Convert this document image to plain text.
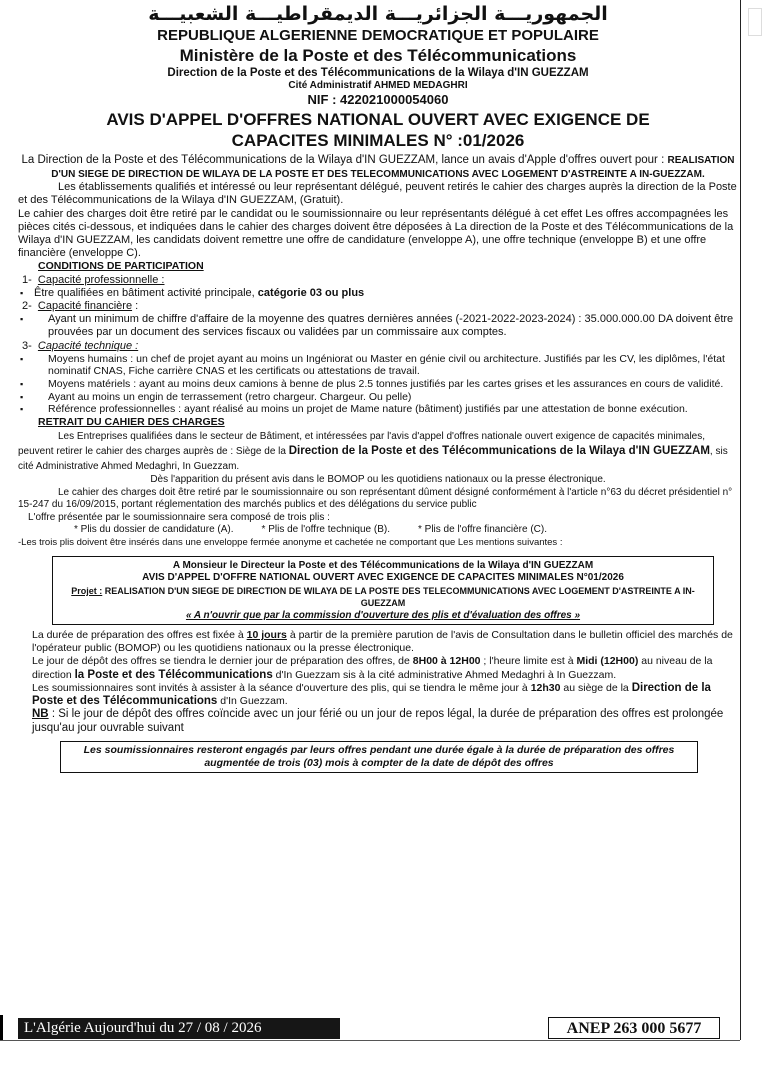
الجمهوريـــة الجزائريـــة الديمقراطيـــة الشعبيـــة
REPUBLIQUE ALGERIENNE DEMOCRATIQUE ET POPULAIRE
Ministère de la Poste et des Télécommunications
Direction de la Poste et des Télécommunications de la Wilaya d'IN GUEZZAM
Cité Administratif AHMED MEDAGHRI
NIF : 422021000054060
AVIS D'APPEL D'OFFRES NATIONAL OUVERT AVEC EXIGENCE DE
CAPACITES MINIMALES N° :01/2026

La Direction de la Poste et des Télécommunications de la Wilaya d'IN GUEZZAM, lance un avais d'Apple d'offres ouvert pour : REALISATION D'UN SIEGE DE DIRECTION DE WILAYA DE LA POSTE ET DES TELECOMMUNICATIONS AVEC LOGEMENT D'ASTREINTE A IN-GUEZZAM.

Les établissements qualifiés et intéressé ou leur représentant délégué, peuvent retirés le cahier des charges auprès la direction de la Poste et des Télécommunications de la Wilaya d'IN GUEZZAM, (Gratuit).

Le cahier des charges doit être retiré par le candidat ou le soumissionnaire ou leur représentants délégué à cet effet Les offres accompagnées les pièces cités ci-dessous, et indiquées dans le cahier des charges doivent être déposées à La direction de la Poste et des Télécommunications de la Wilaya d'IN GUEZZAM, les candidats doivent remettre une offre de candidature (enveloppe A), une offre technique (enveloppe B) et une offre financière (enveloppe C).

CONDITIONS DE PARTICIPATION
1- Capacité professionnelle :
▪ Être qualifiées en bâtiment activité principale, catégorie 03 ou plus
2- Capacité financière :
▪ Ayant un minimum de chiffre d'affaire de la moyenne des quatres dernières années (-2021-2022-2023-2024) : 35.000.000.00 DA doivent être prouvées par un document des services fiscaux ou validées par un commissaire aux comptes.
3- Capacité technique :
▪ Moyens humains : un chef de projet ayant au moins un Ingéniorat ou Master en génie civil ou architecture. Justifiés par les CV, les diplômes, l'état nominatif CNAS, Fiche carrière CNAS et les certificats ou attestations de travail.
▪ Moyens matériels : ayant au moins deux camions à benne de plus 2.5 tonnes justifiés par les cartes grises et les assurances en cours de validité.
▪ Ayant au moins un engin de terrassement (retro chargeur. Chargeur. Ou pelle)
▪ Référence professionnelles : ayant réalisé au moins un projet de Mame nature (bâtiment) justifiés par une attestation de bonne exécution.
RETRAIT DU CAHIER DES CHARGES

Les Entreprises qualifiées dans le secteur de Bâtiment, et intéressées par l'avis d'appel d'offres nationale ouvert exigence de capacités minimales, peuvent retirer le cahier des charges auprès de : Siège de la Direction de la Poste et des Télécommunications de la Wilaya d'IN GUEZZAM, sis cité Administrative Ahmed Medaghri, In Guezzam.

Dès l'apparition du présent avis dans le BOMOP ou les quotidiens nationaux ou la presse électronique.

Le cahier des charges doit être retiré par le soumissionnaire ou son représentant dûment désigné conformément à l'article n°63 du décret présidentiel n° 15-247 du 16/09/2015, portant réglementation des marchés publics et des délégations du service public

L'offre présentée par le soumissionnaire sera composé de trois plis :

* Plis du dossier de candidature (A).	* Plis de l'offre technique (B).	* Plis de l'offre financière (C).

-Les trois plis doivent être insérés dans une enveloppe fermée anonyme et cachetée ne comportant que Les mentions suivantes :

A Monsieur le Directeur la Poste et des Télécommunications de la Wilaya d'IN GUEZZAM
AVIS D'APPEL D'OFFRE NATIONAL OUVERT AVEC EXIGENCE DE CAPACITES MINIMALES N°01/2026
Projet : REALISATION D'UN SIEGE DE DIRECTION DE WILAYA DE LA POSTE DES TELECOMMUNICATIONS AVEC LOGEMENT D'ASTREINTE A IN-GUEZZAM
« A n'ouvrir que par la commission d'ouverture des plis et d'évaluation des offres »

La durée de préparation des offres est fixée à 10 jours à partir de la première parution de l'avis de Consultation dans le bulletin officiel des marchés de l'opérateur public (BOMOP) ou les quotidiens nationaux ou la presse électronique.

Le jour de dépôt des offres se tiendra le dernier jour de préparation des offres, de 8H00 à 12H00 ; l'heure limite est à Midi (12H00) au niveau de la direction la Poste et des Télécommunications d'In Guezzam sis à la cité administrative Ahmed Medaghri à In Guezzam.

Les soumissionnaires sont invités à assister à la séance d'ouverture des plis, qui se tiendra le même jour à 12h30 au siège de la Direction de la Poste et des Télécommunications d'In Guezzam.

NB : Si le jour de dépôt des offres coïncide avec un jour férié ou un jour de repos légal, la durée de préparation des offres est prolongée jusqu'au jour ouvrable suivant

Les soumissionnaires resteront engagés par leurs offres pendant une durée égale à la durée de préparation des offres augmentée de trois (03) mois à compter de la date de dépôt des offres
L'Algérie Aujourd'hui du 27 / 08 / 2026	ANEP 263 000 5677
